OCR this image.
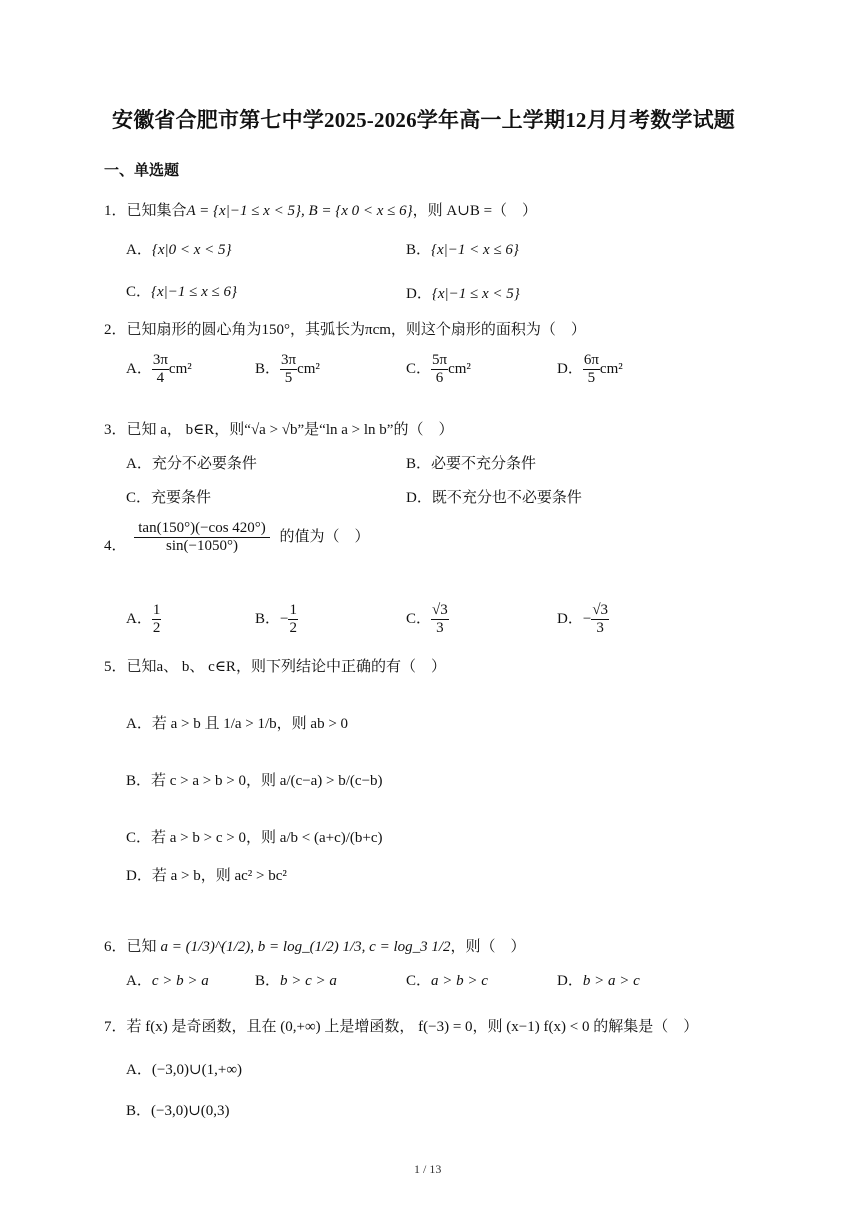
安徽省合肥市第七中学2025-2026学年高一上学期12月月考数学试题
一、单选题
1．已知集合A = {x|−1 ≤ x < 5}, B = {x 0 < x ≤ 6}，则 A∪B =（　）
A．{x|0 < x < 5}	B．{x|−1 < x ≤ 6}
C．{x|−1 ≤ x ≤ 6}	D．{x|−1 ≤ x < 5}
2．已知扇形的圆心角为150°，其弧长为πcm，则这个扇形的面积为（　）
A． $\frac{3\pi}{4} cm^2$	B． $\frac{3\pi}{5} cm^2$	C． $\frac{5\pi}{6} cm^2$	D． $\frac{6\pi}{5} cm^2$
3．已知 a， b∈R，则“√a > √b”是“ln a > ln b”的（　）
A．充分不必要条件	B．必要不充分条件
C．充要条件	D．既不充分也不必要条件
4． $\frac{\tan(150^\circ)(-\cos 420^\circ)}{\sin(-1050^\circ)}$ 的值为（　）
A． $\frac{1}{2}$	B．− $\frac{1}{2}$	C． $\frac{√3}{3}$	D．− $\frac{√3}{3}$
5．已知a、 b、 c∈R，则下列结论中正确的有（　）
A．若 a > b 且 1/a > 1/b，则 ab > 0
B．若 c > a > b > 0，则 a/(c−a) > b/(c−b)
C．若 a > b > c > 0，则 a/b < (a+c)/(b+c)
D．若 a > b，则 ac² > bc²
6．已知 a = (1/3)^(1/2), b = log_(1/2) 1/3, c = log_3 1/2，则（　）
A．c > b > a	B．b > c > a	C．a > b > c	D．b > a > c
7．若 f(x) 是奇函数，且在 (0,+∞) 上是增函数， f(−3) = 0，则 (x−1) f(x) < 0 的解集是（　）
A．(−3,0)∪(1,+∞)
B．(−3,0)∪(0,3)
1 / 13
